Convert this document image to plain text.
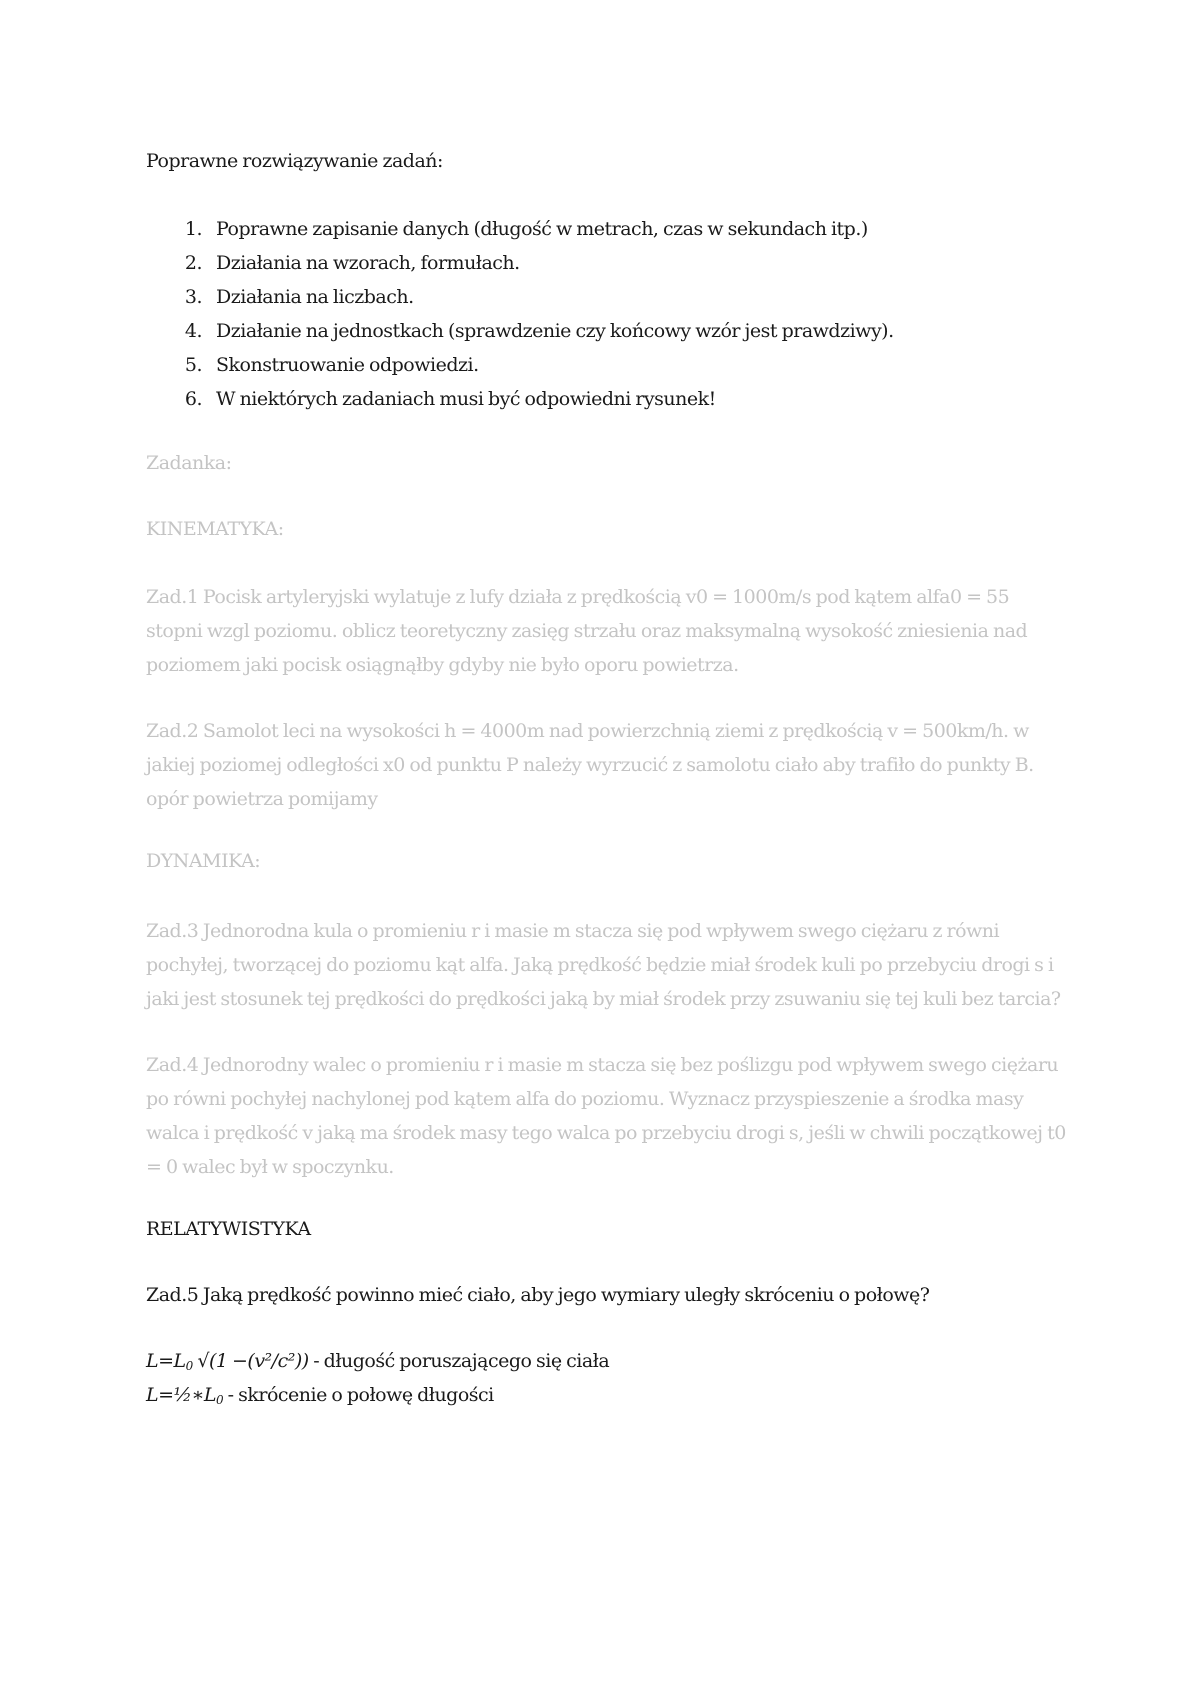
Poprawne rozwiązywanie zadań:

1. Poprawne zapisanie danych (długość w metrach, czas w sekundach itp.)
2. Działania na wzorach, formułach.
3. Działania na liczbach.
4. Działanie na jednostkach (sprawdzenie czy końcowy wzór jest prawdziwy).
5. Skonstruowanie odpowiedzi.
6. W niektórych zadaniach musi być odpowiedni rysunek!

Zadanka:

KINEMATYKA:

Zad.1 Pocisk artyleryjski wylatuje z lufy działa z prędkością v0 = 1000m/s pod kątem alfa0 = 55 stopni wzgl poziomu. oblicz teoretyczny zasięg strzału oraz maksymalną wysokość zniesienia nad poziomem jaki pocisk osiągnąłby gdyby nie było oporu powietrza.

Zad.2 Samolot leci na wysokości h = 4000m nad powierzchnią ziemi z prędkością v = 500km/h. w jakiej poziomej odległości x0 od punktu P należy wyrzucić z samolotu ciało aby trafiło do punkty B. opór powietrza pomijamy

DYNAMIKA:

Zad.3 Jednorodna kula o promieniu r i masie m stacza się pod wpływem swego ciężaru z równi pochyłej, tworzącej do poziomu kąt alfa. Jaką prędkość będzie miał środek kuli po przebyciu drogi s i jaki jest stosunek tej prędkości do prędkości jaką by miał środek przy zsuwaniu się tej kuli bez tarcia?

Zad.4 Jednorodny walec o promieniu r i masie m stacza się bez poślizgu pod wpływem swego ciężaru po równi pochyłej nachylonej pod kątem alfa do poziomu. Wyznacz przyspieszenie a środka masy walca i prędkość v jaką ma środek masy tego walca po przebyciu drogi s, jeśli w chwili początkowej t0 = 0 walec był w spoczynku.

RELATYWISTYKA

Zad.5 Jaką prędkość powinno mieć ciało, aby jego wymiary uległy skróceniu o połowę?

$L=L_0$ √(1 −(v²/c²)) - długość poruszającego się ciała

$L=\frac{1}{2}∗L_0$ - skrócenie o połowę długości
